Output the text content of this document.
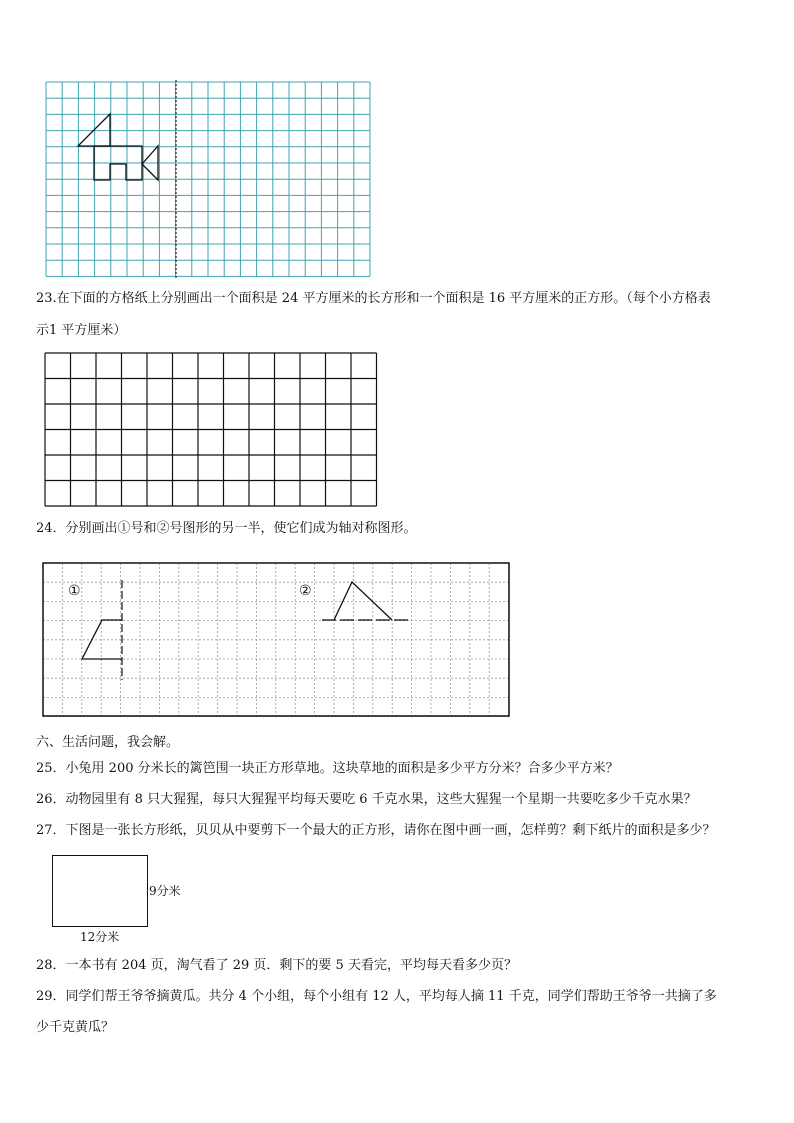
23.在下面的方格纸上分别画出一个面积是 24 平方厘米的长方形和一个面积是 16 平方厘米的正方形。（每个小方格表
示1 平方厘米）
24．分别画出①号和②号图形的另一半，使它们成为轴对称图形。
①	②
六、生活问题，我会解。
25．小兔用 200 分米长的篱笆围一块正方形草地。这块草地的面积是多少平方分米？合多少平方米？
26．动物园里有 8 只大猩猩，每只大猩猩平均每天要吃 6 千克水果，这些大猩猩一个星期一共要吃多少千克水果？
27．下图是一张长方形纸，贝贝从中要剪下一个最大的正方形，请你在图中画一画，怎样剪？剩下纸片的面积是多少？
9分米
12分米
28．一本书有 204 页，淘气看了 29 页．剩下的要 5 天看完，平均每天看多少页？
29．同学们帮王爷爷摘黄瓜。共分 4 个小组，每个小组有 12 人，平均每人摘 11 千克，同学们帮助王爷爷一共摘了多
少千克黄瓜？
